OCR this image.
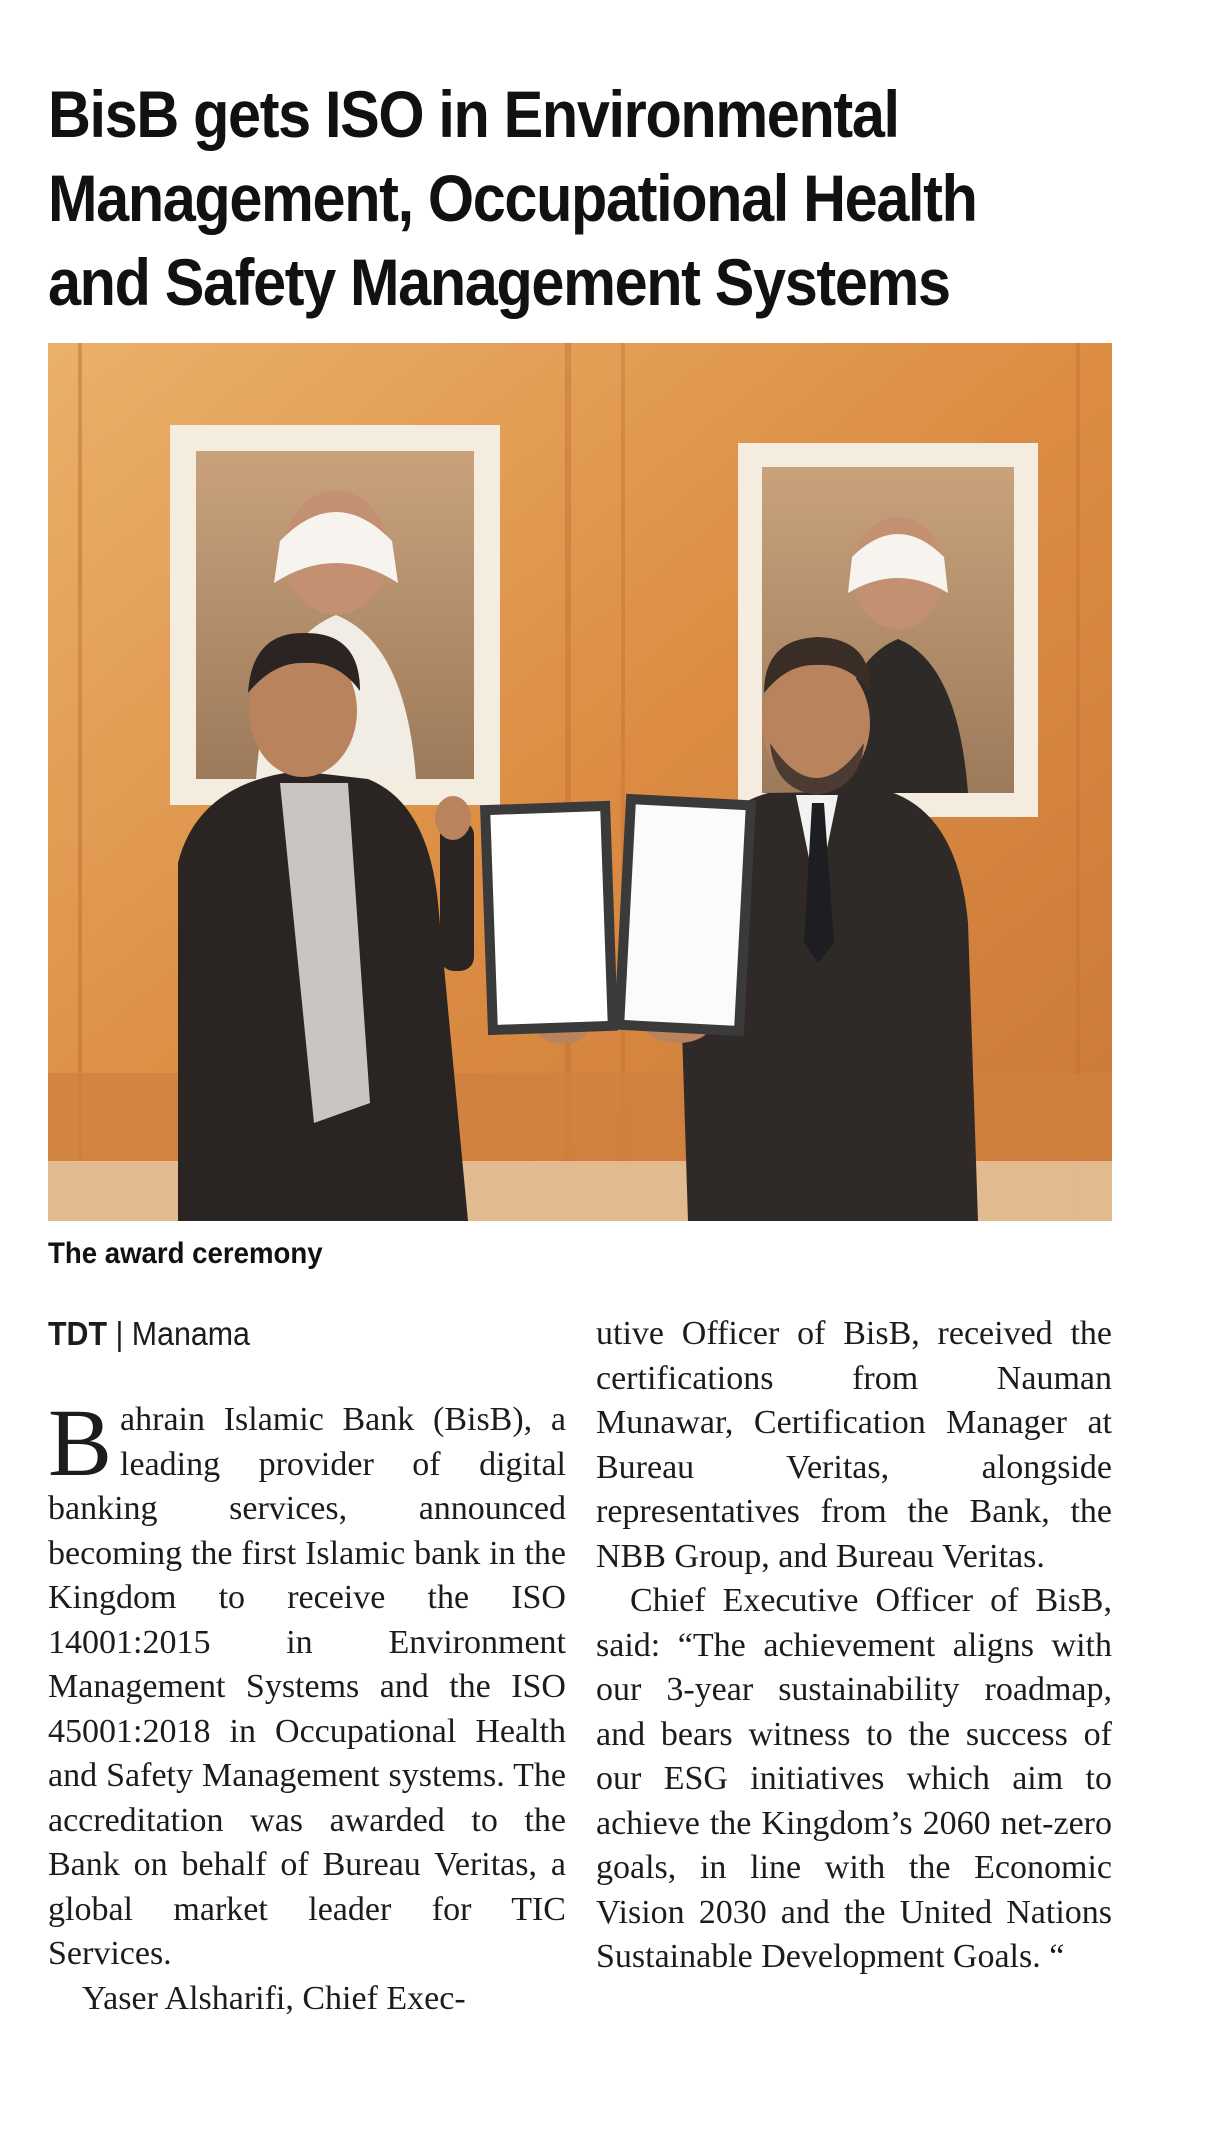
BisB gets ISO in Environmental Management, Occupational Health and Safety Management Systems

The award ceremony

TDT | Manama

Bahrain Islamic Bank (BisB), a leading provider of digital banking services, announced becoming the first Islamic bank in the Kingdom to receive the ISO 14001:2015 in Environment Management Systems and the ISO 45001:2018 in Occupational Health and Safety Management systems. The accreditation was awarded to the Bank on behalf of Bureau Veritas, a global market leader for TIC Services.

Yaser Alsharifi, Chief Exec-

utive Officer of BisB, received the certifications from Nauman Munawar, Certification Manager at Bureau Veritas, alongside representatives from the Bank, the NBB Group, and Bureau Veritas.

Chief Executive Officer of BisB, said: “The achievement aligns with our 3-year sustainability roadmap, and bears witness to the success of our ESG initiatives which aim to achieve the Kingdom’s 2060 net-zero goals, in line with the Economic Vision 2030 and the United Nations Sustainable Development Goals. “
